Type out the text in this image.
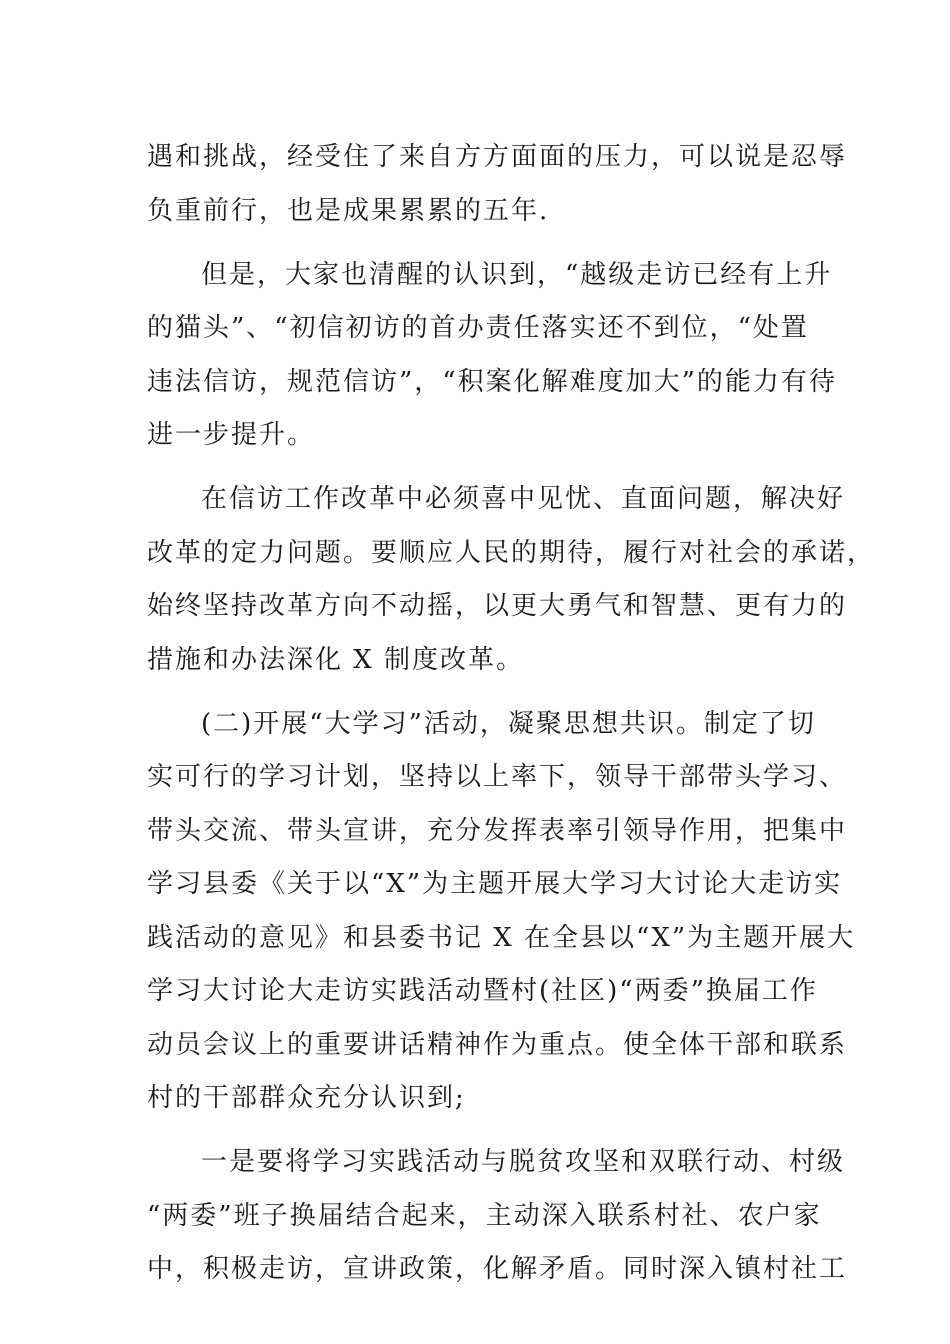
遇和挑战，经受住了来自方方面面的压力，可以说是忍辱
负重前行，也是成果累累的五年.
但是，大家也清醒的认识到，“越级走访已经有上升
的猫头”、“初信初访的首办责任落实还不到位，“处置
违法信访，规范信访”，“积案化解难度加大”的能力有待
进一步提升。
在信访工作改革中必须喜中见忧、直面问题，解决好
改革的定力问题。要顺应人民的期待，履行对社会的承诺，
始终坚持改革方向不动摇，以更大勇气和智慧、更有力的
措施和办法深化 X 制度改革。
(二)开展“大学习”活动，凝聚思想共识。制定了切
实可行的学习计划，坚持以上率下，领导干部带头学习、
带头交流、带头宣讲，充分发挥表率引领导作用，把集中
学习县委《关于以“X”为主题开展大学习大讨论大走访实
践活动的意见》和县委书记 X 在全县以“X”为主题开展大
学习大讨论大走访实践活动暨村(社区)“两委”换届工作
动员会议上的重要讲话精神作为重点。使全体干部和联系
村的干部群众充分认识到;
一是要将学习实践活动与脱贫攻坚和双联行动、村级
“两委”班子换届结合起来，主动深入联系村社、农户家
中，积极走访，宣讲政策，化解矛盾。同时深入镇村社工
